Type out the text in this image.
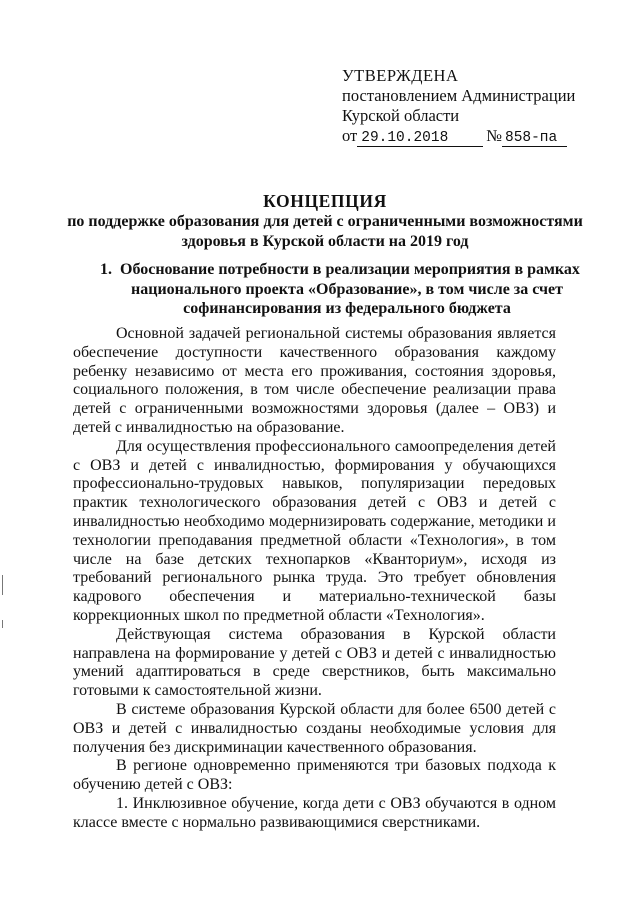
УТВЕРЖДЕНА
постановлением Администрации
Курской области
от 29.10.2018 № 858-па
КОНЦЕПЦИЯ
по поддержке образования для детей с ограниченными возможностями
здоровья в Курской области на 2019 год
1. Обоснование потребности в реализации мероприятия в рамках
национального проекта «Образование», в том числе за счет
софинансирования из федерального бюджета

Основной задачей региональной системы образования является обеспечение доступности качественного образования каждому ребенку независимо от места его проживания, состояния здоровья, социального положения, в том числе обеспечение реализации права детей с ограниченными возможностями здоровья (далее – ОВЗ) и детей с инвалидностью на образование.

Для осуществления профессионального самоопределения детей с ОВЗ и детей с инвалидностью, формирования у обучающихся профессионально-трудовых навыков, популяризации передовых практик технологического образования детей с ОВЗ и детей с инвалидностью необходимо модернизировать содержание, методики и технологии преподавания предметной области «Технология», в том числе на базе детских технопарков «Кванториум», исходя из требований регионального рынка труда. Это требует обновления кадрового обеспечения и материально-технической базы коррекционных школ по предметной области «Технология».

Действующая система образования в Курской области направлена на формирование у детей с ОВЗ и детей с инвалидностью умений адаптироваться в среде сверстников, быть максимально готовыми к самостоятельной жизни.

В системе образования Курской области для более 6500 детей с ОВЗ и детей с инвалидностью созданы необходимые условия для получения без дискриминации качественного образования.

В регионе одновременно применяются три базовых подхода к обучению детей с ОВЗ:

1. Инклюзивное обучение, когда дети с ОВЗ обучаются в одном классе вместе с нормально развивающимися сверстниками.
